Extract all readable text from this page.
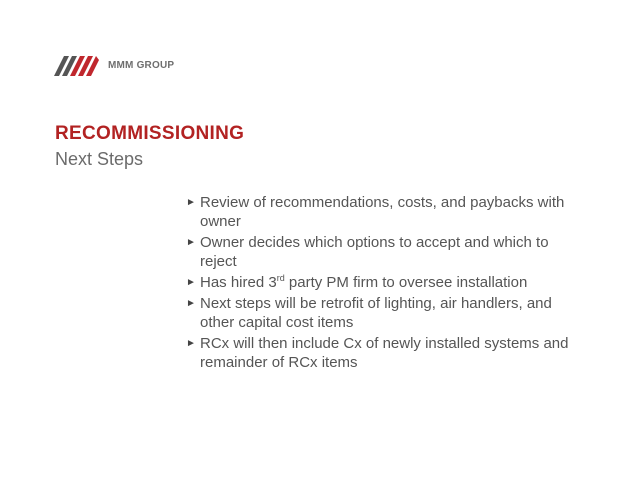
MMM GROUP
RECOMMISSIONING
Next Steps
► Review of recommendations, costs, and paybacks with owner
► Owner decides which options to accept and which to reject
► Has hired 3rd party PM firm to oversee installation
► Next steps will be retrofit of lighting, air handlers, and other capital cost items
► RCx will then include Cx of newly installed systems and remainder of RCx items
